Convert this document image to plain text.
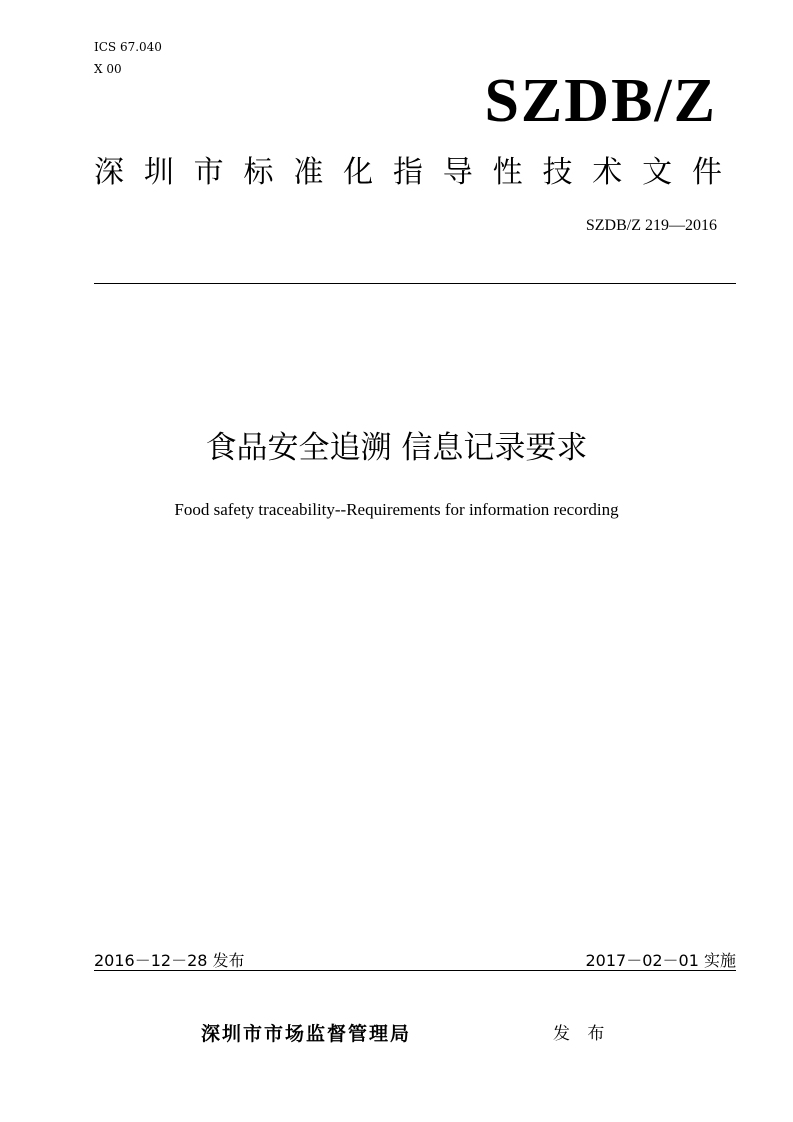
ICS 67.040
X 00	SZDB/Z
深 圳 市 标 准 化 指 导 性 技 术 文 件
SZDB/Z 219—2016
食品安全追溯 信息记录要求
Food safety traceability--Requirements for information recording
2016－12－28 发布	2017－02－01 实施
深圳市市场监督管理局	发 布
